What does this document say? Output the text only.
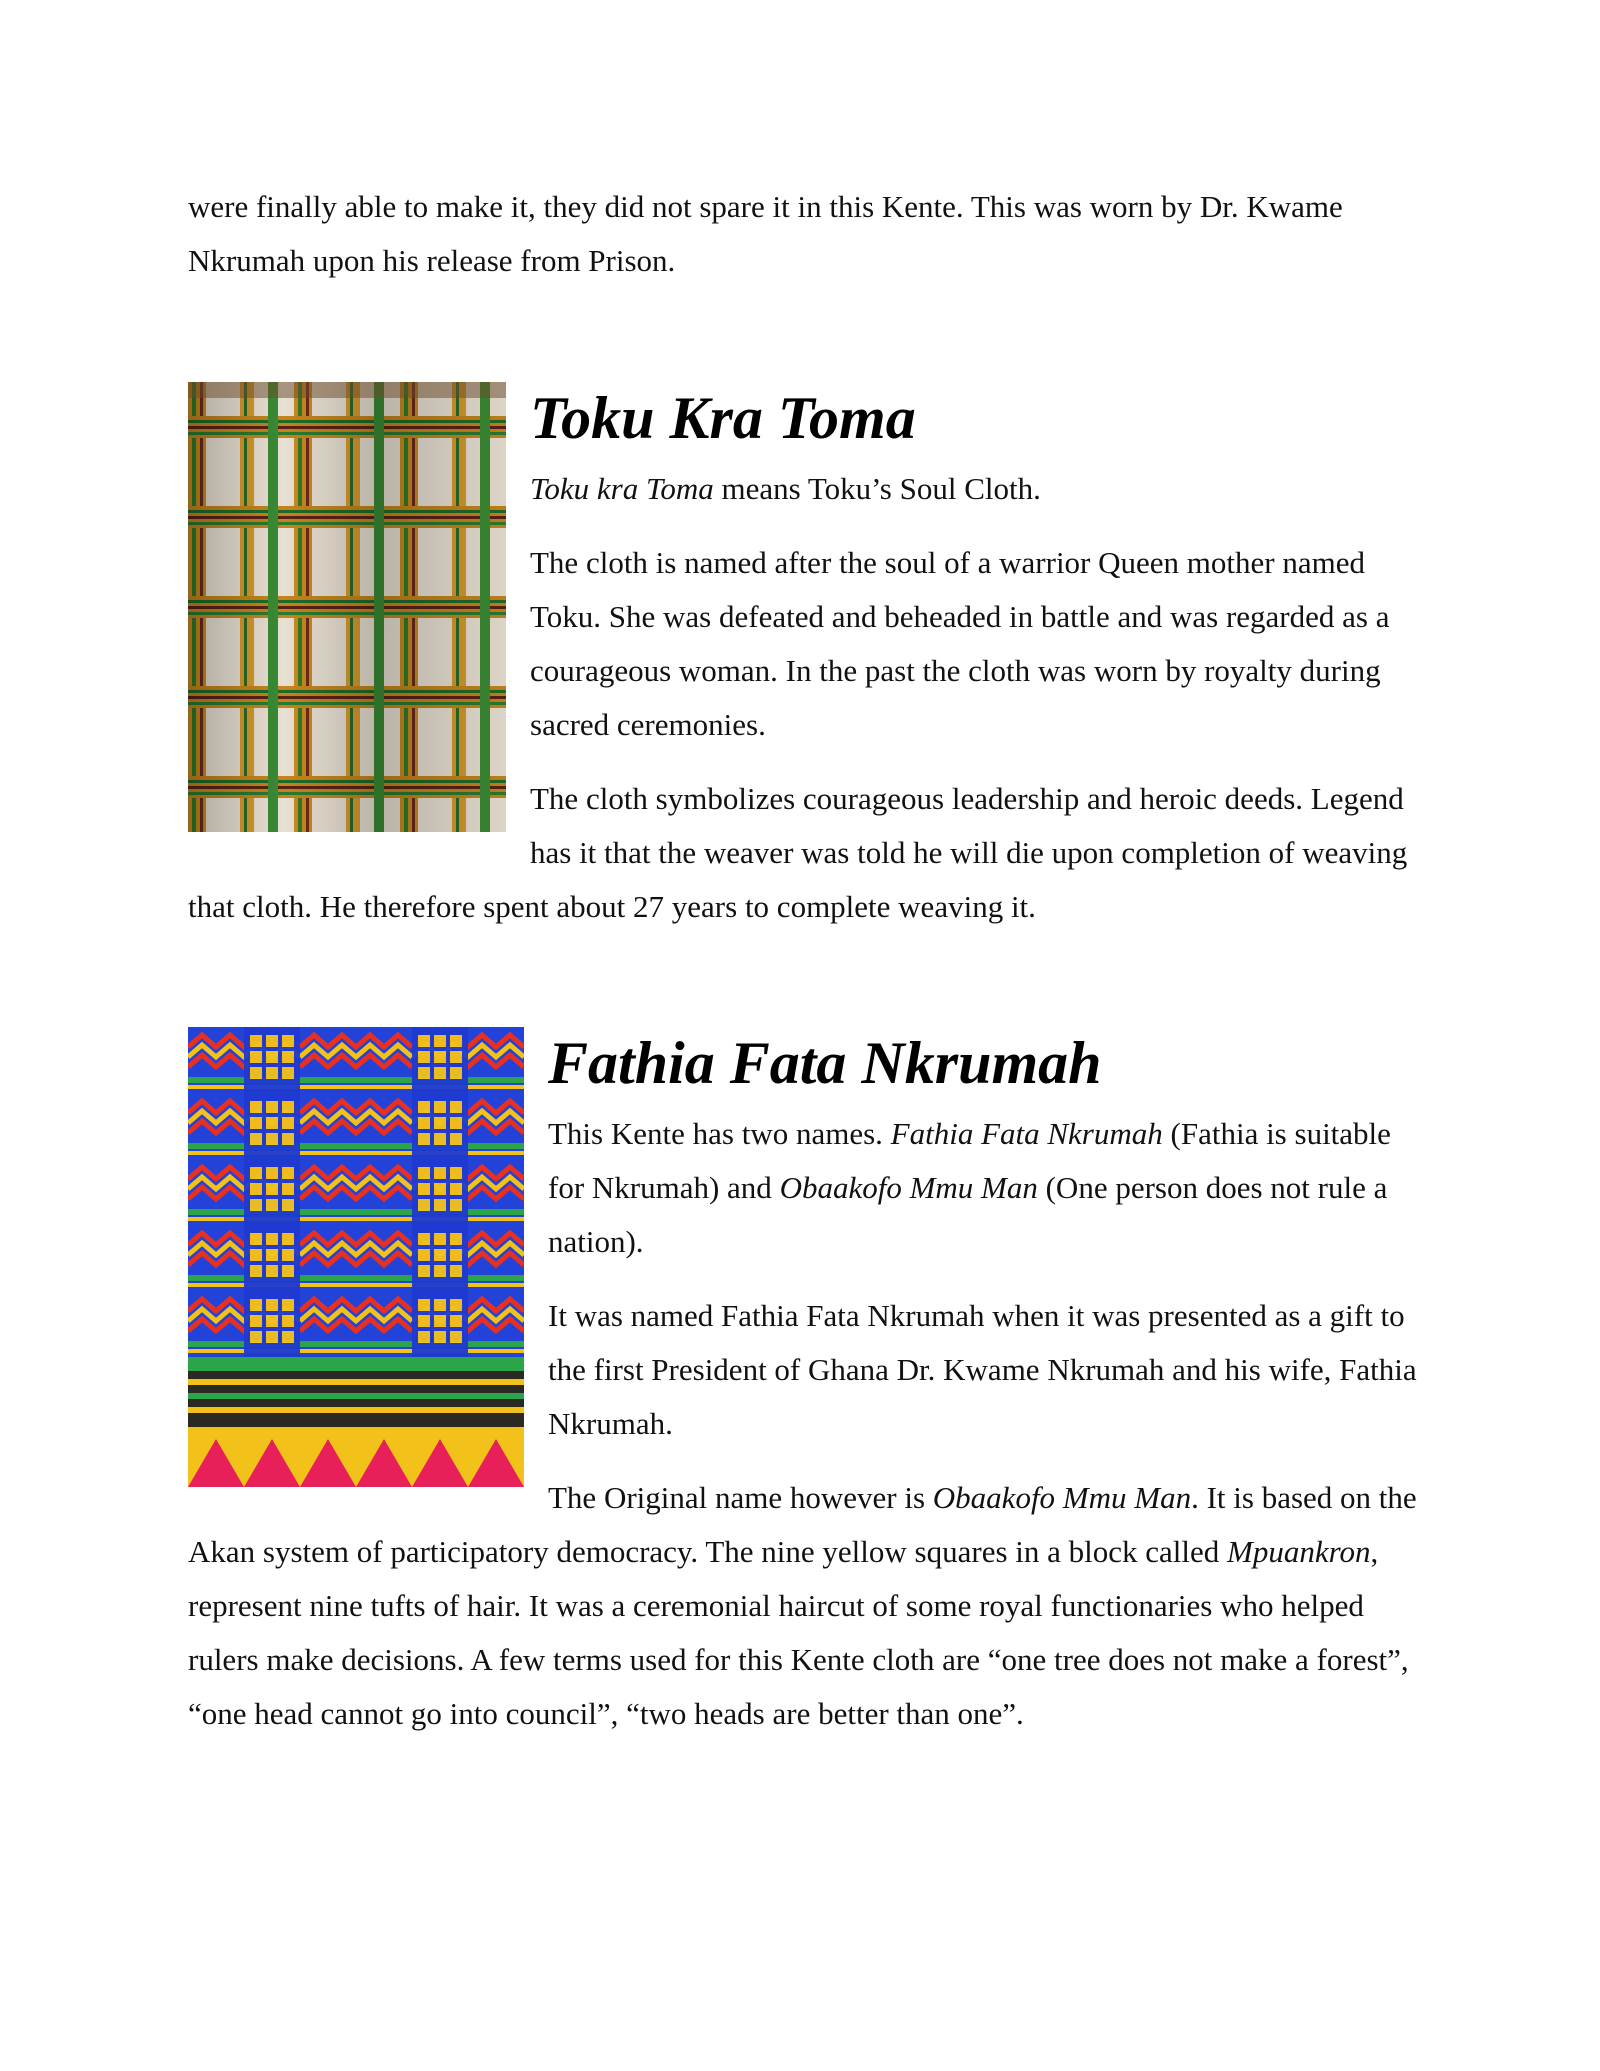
were finally able to make it, they did not spare it in this Kente. This was worn by Dr. Kwame Nkrumah upon his release from Prison.

Toku Kra Toma

Toku kra Toma means Toku’s Soul Cloth.

The cloth is named after the soul of a warrior Queen mother named Toku. She was defeated and beheaded in battle and was regarded as a courageous woman. In the past the cloth was worn by royalty during sacred ceremonies.

The cloth symbolizes courageous leadership and heroic deeds. Legend has it that the weaver was told he will die upon completion of weaving that cloth. He therefore spent about 27 years to complete weaving it.

Fathia Fata Nkrumah

This Kente has two names. Fathia Fata Nkrumah (Fathia is suitable for Nkrumah) and Obaakofo Mmu Man (One person does not rule a nation).

It was named Fathia Fata Nkrumah when it was presented as a gift to the first President of Ghana Dr. Kwame Nkrumah and his wife, Fathia Nkrumah.

The Original name however is Obaakofo Mmu Man. It is based on the Akan system of participatory democracy. The nine yellow squares in a block called Mpuankron, represent nine tufts of hair. It was a ceremonial haircut of some royal functionaries who helped rulers make decisions. A few terms used for this Kente cloth are “one tree does not make a forest”, “one head cannot go into council”, “two heads are better than one”.
